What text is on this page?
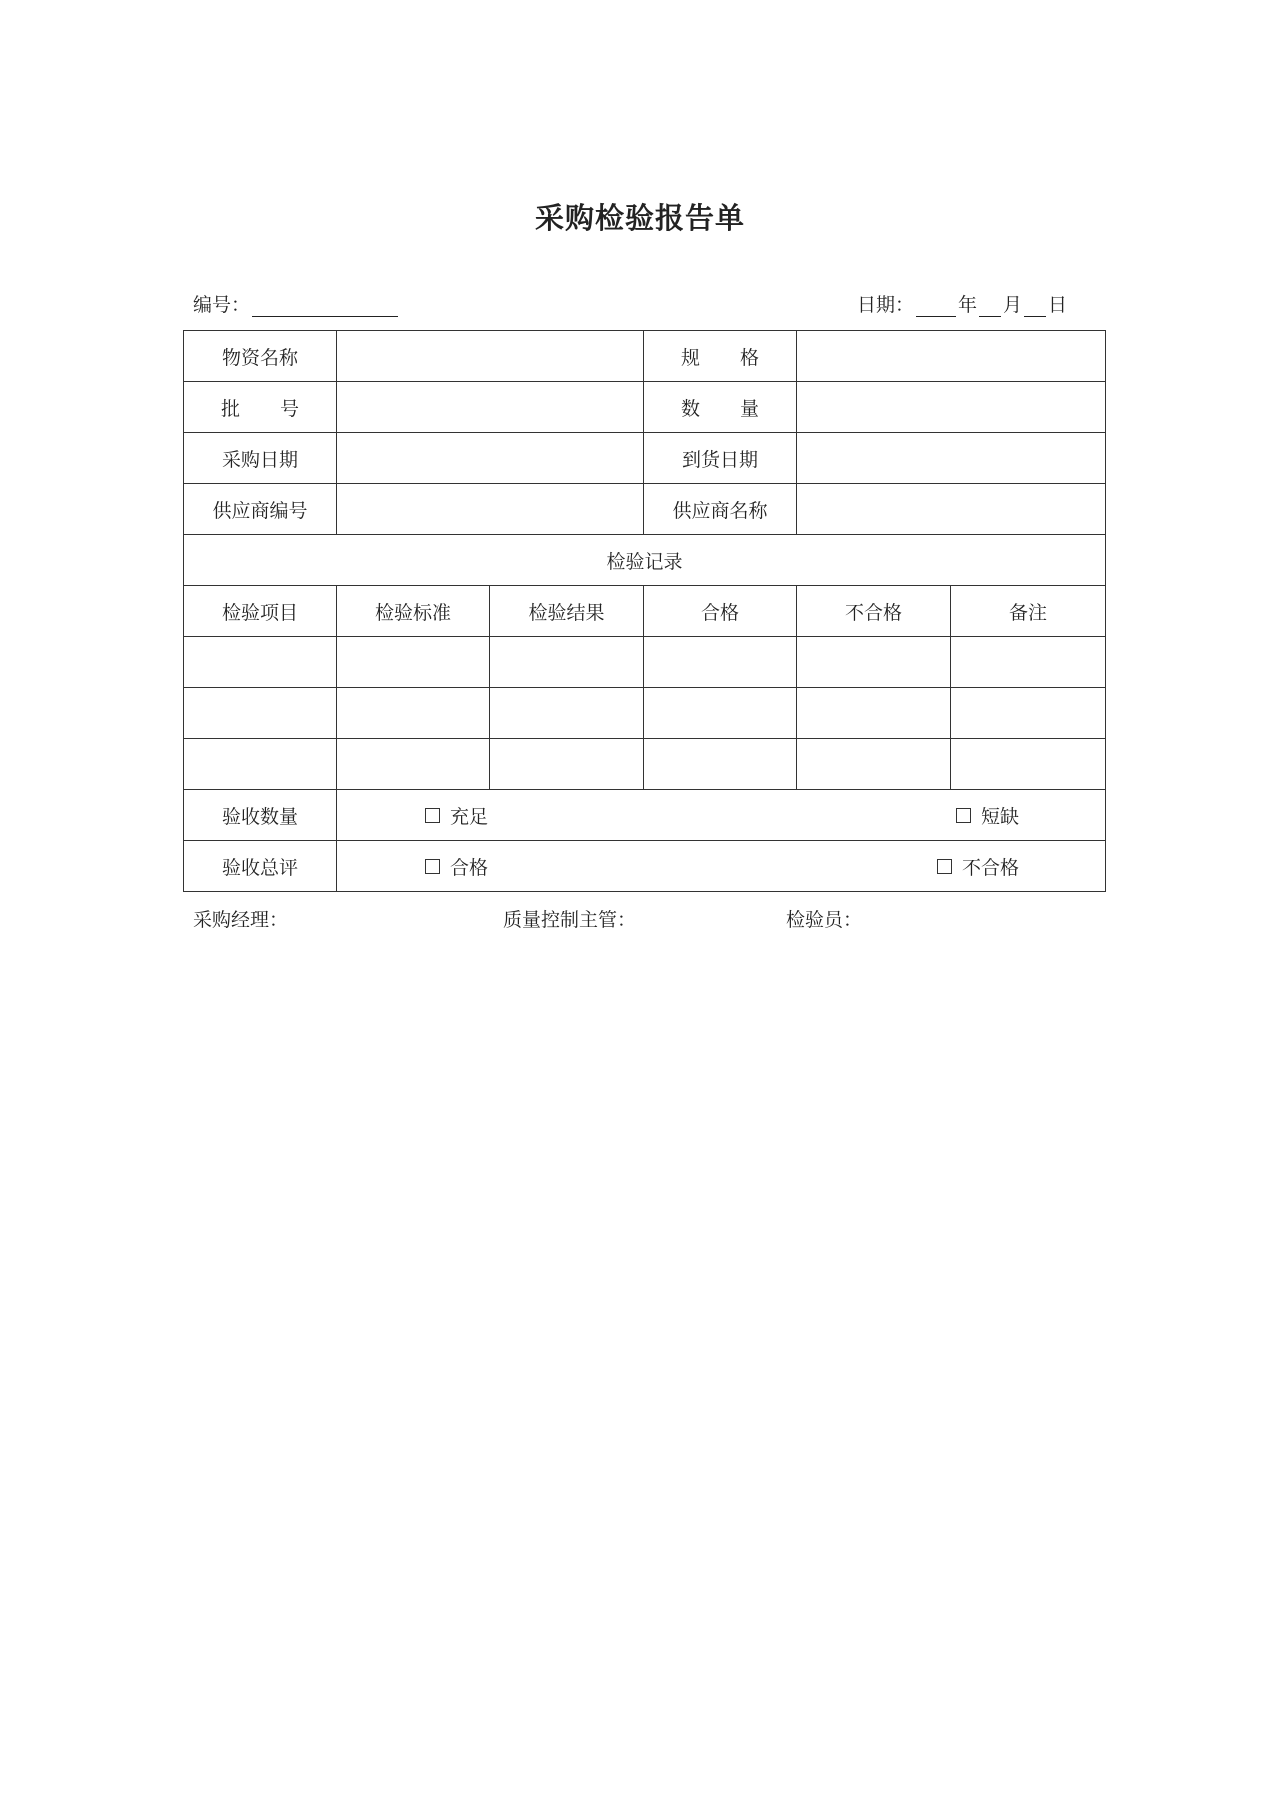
采购检验报告单
编号：	日期： 年 月 日
物资名称			规 格		

批 号			数 量		

采购日期			到货日期		
供应商编号			供应商名称		
检验记录					
检验项目	检验标准	检验结果	合格	不合格	备注

验收数量	充足 短缺				

验收总评	合格 不合格				
采购经理：	质量控制主管：	检验员：
